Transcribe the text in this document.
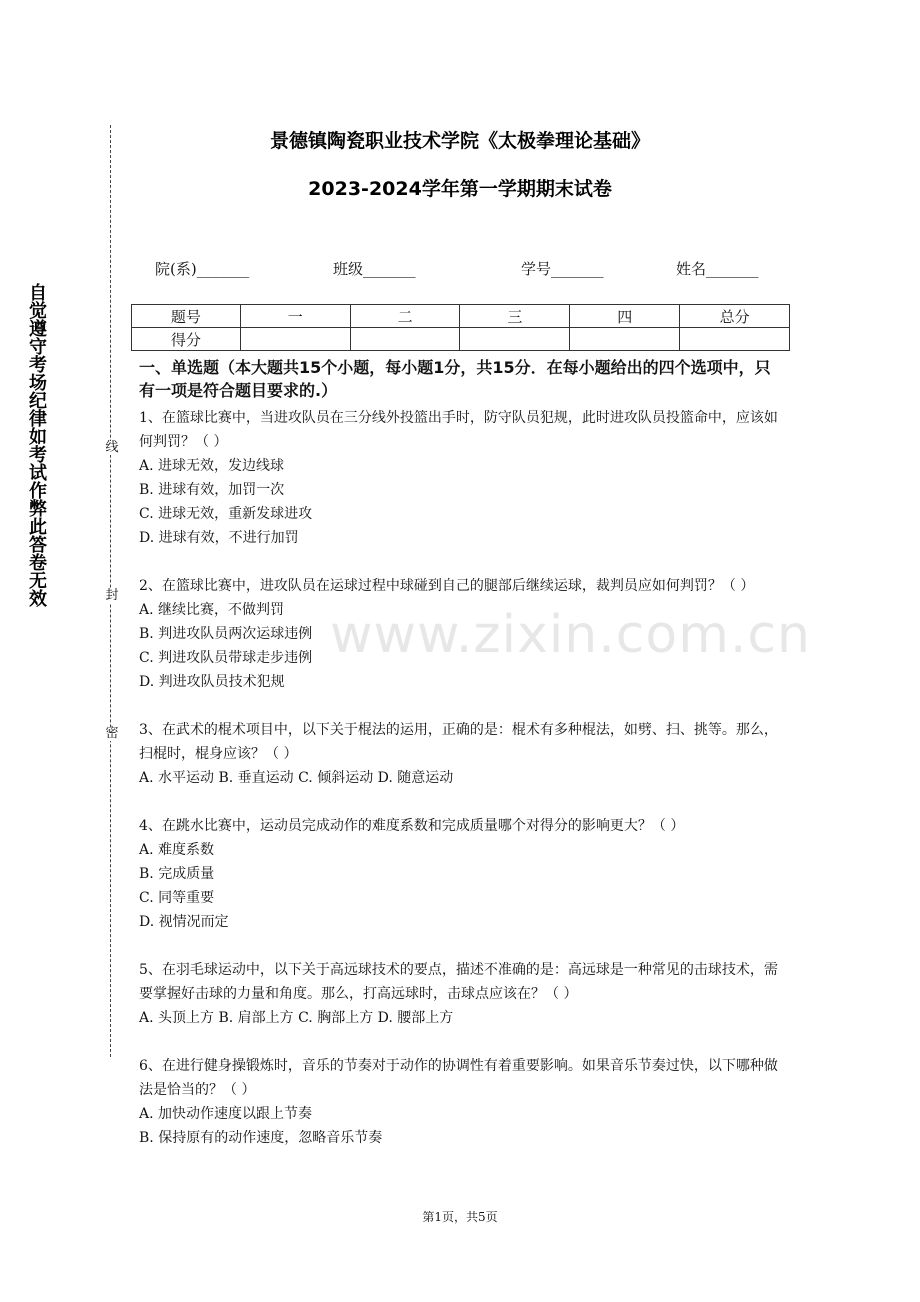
自觉遵守考场纪律如考试作弊此答卷无效	线
封
密
景德镇陶瓷职业技术学院《太极拳理论基础》
2023-2024学年第一学期期末试卷
院(系)_______	班级_______	学号_______	姓名_______
题号	一	二	三	四	总分
得分					
一、单选题（本大题共15个小题，每小题1分，共15分．在每小题给出的四个选项中，只有一项是符合题目要求的.）
1、在篮球比赛中，当进攻队员在三分线外投篮出手时，防守队员犯规，此时进攻队员投篮命中，应该如何判罚？（ ）
A. 进球无效，发边线球
B. 进球有效，加罚一次
C. 进球无效，重新发球进攻
D. 进球有效，不进行加罚
2、在篮球比赛中，进攻队员在运球过程中球碰到自己的腿部后继续运球，裁判员应如何判罚？（ ）
A. 继续比赛，不做判罚
B. 判进攻队员两次运球违例
C. 判进攻队员带球走步违例
D. 判进攻队员技术犯规
3、在武术的棍术项目中，以下关于棍法的运用，正确的是：棍术有多种棍法，如劈、扫、挑等。那么，扫棍时，棍身应该？（ ）
A. 水平运动 B. 垂直运动 C. 倾斜运动 D. 随意运动
4、在跳水比赛中，运动员完成动作的难度系数和完成质量哪个对得分的影响更大？（ ）
A. 难度系数
B. 完成质量
C. 同等重要
D. 视情况而定
5、在羽毛球运动中，以下关于高远球技术的要点，描述不准确的是：高远球是一种常见的击球技术，需要掌握好击球的力量和角度。那么，打高远球时，击球点应该在？（ ）
A. 头顶上方 B. 肩部上方 C. 胸部上方 D. 腰部上方
6、在进行健身操锻炼时，音乐的节奏对于动作的协调性有着重要影响。如果音乐节奏过快，以下哪种做法是恰当的？（ ）
A. 加快动作速度以跟上节奏
B. 保持原有的动作速度，忽略音乐节奏
www.zixin.com.cn
第1页，共5页
